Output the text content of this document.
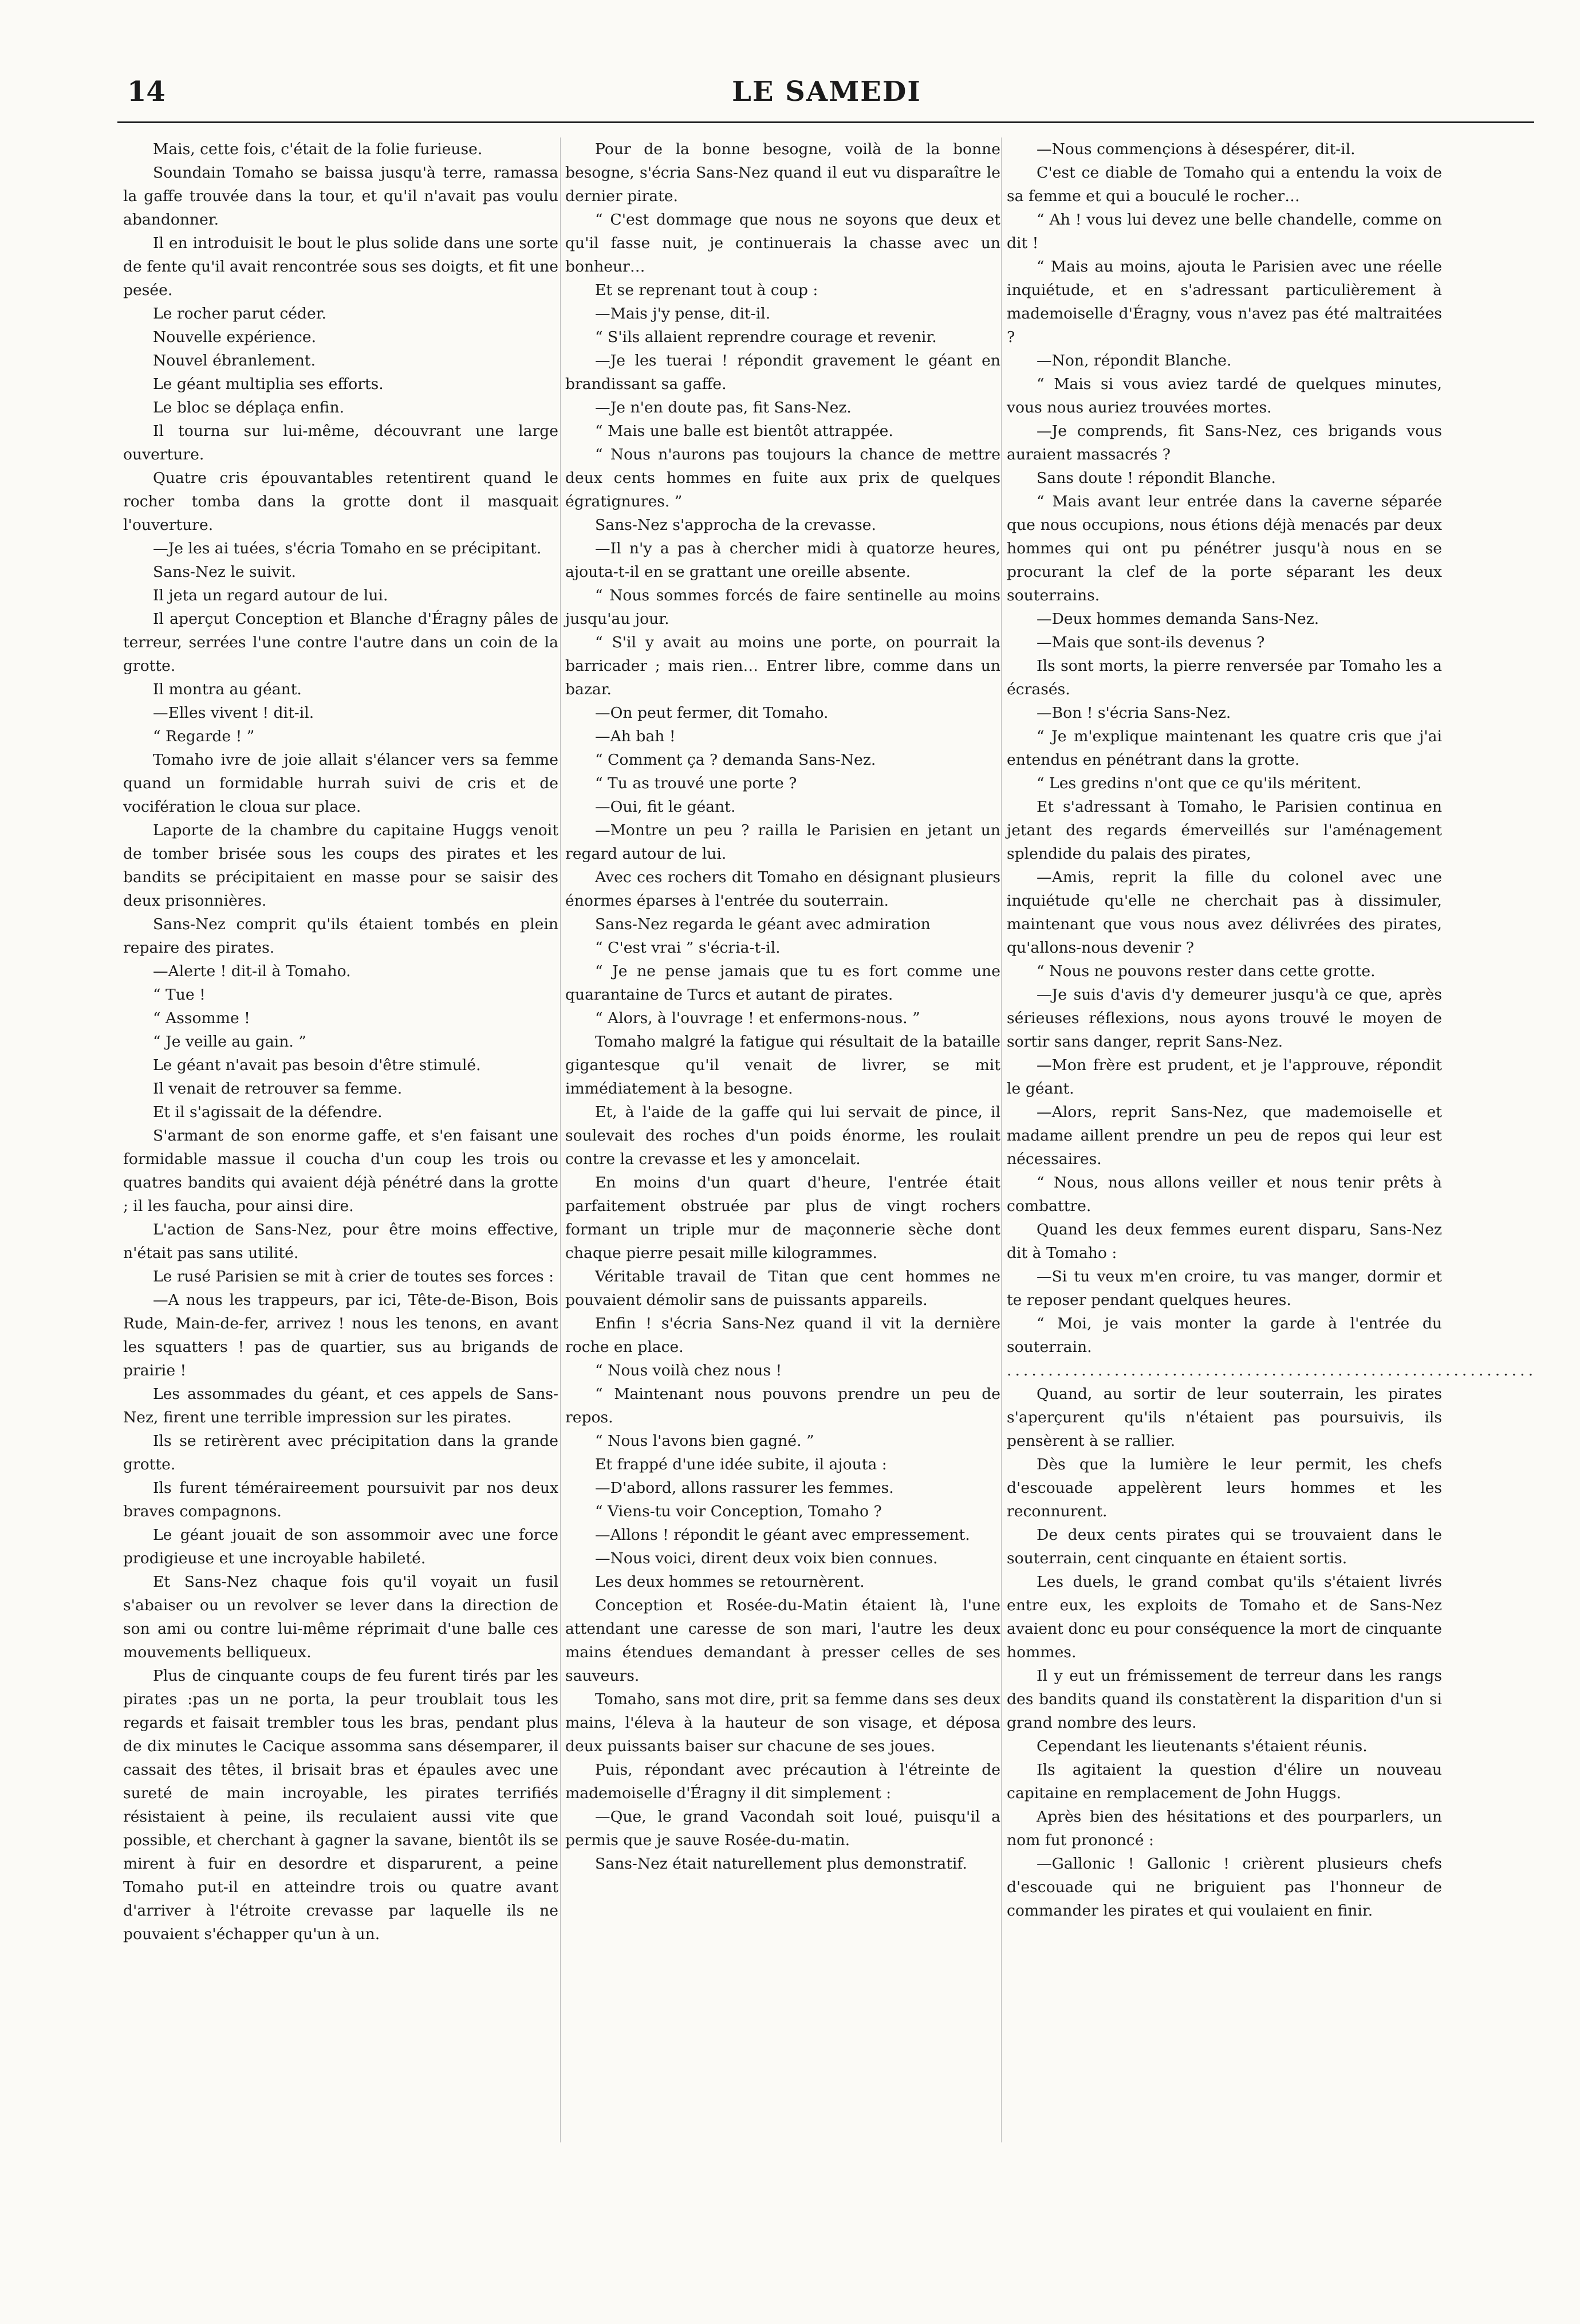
14	LE SAMEDI

Mais, cette fois, c'était de la folie furieuse.

Soundain Tomaho se baissa jusqu'à terre, ramassa la gaffe trouvée dans la tour, et qu'il n'avait pas voulu abandonner.

Il en introduisit le bout le plus solide dans une sorte de fente qu'il avait rencontrée sous ses doigts, et fit une pesée.

Le rocher parut céder.

Nouvelle expérience.

Nouvel ébranlement.

Le géant multiplia ses efforts.

Le bloc se déplaça enfin.

Il tourna sur lui-même, découvrant une large ouverture.

Quatre cris épouvantables retentirent quand le rocher tomba dans la grotte dont il masquait l'ouverture.

—Je les ai tuées, s'écria Tomaho en se précipitant.

Sans-Nez le suivit.

Il jeta un regard autour de lui.

Il aperçut Conception et Blanche d'Éragny pâles de terreur, serrées l'une contre l'autre dans un coin de la grotte.

Il montra au géant.

—Elles vivent ! dit-il.

“ Regarde ! ”

Tomaho ivre de joie allait s'élancer vers sa femme quand un formidable hurrah suivi de cris et de vocifération le cloua sur place.

Laporte de la chambre du capitaine Huggs venoit de tomber brisée sous les coups des pirates et les bandits se précipitaient en masse pour se saisir des deux prisonnières.

Sans-Nez comprit qu'ils étaient tombés en plein repaire des pirates.

—Alerte ! dit-il à Tomaho.

“ Tue !

“ Assomme !

“ Je veille au gain. ”

Le géant n'avait pas besoin d'être stimulé.

Il venait de retrouver sa femme.

Et il s'agissait de la défendre.

S'armant de son enorme gaffe, et s'en faisant une formidable massue il coucha d'un coup les trois ou quatres bandits qui avaient déjà pénétré dans la grotte ; il les faucha, pour ainsi dire.

L'action de Sans-Nez, pour être moins effective, n'était pas sans utilité.

Le rusé Parisien se mit à crier de toutes ses forces :

—A nous les trappeurs, par ici, Tête-de-Bison, Bois Rude, Main-de-fer, arrivez ! nous les tenons, en avant les squatters ! pas de quartier, sus au brigands de prairie !

Les assommades du géant, et ces appels de Sans-Nez, firent une terrible impression sur les pirates.

Ils se retirèrent avec précipitation dans la grande grotte.

Ils furent téméraireement poursuivit par nos deux braves compagnons.

Le géant jouait de son assommoir avec une force prodigieuse et une incroyable habileté.

Et Sans-Nez chaque fois qu'il voyait un fusil s'abaiser ou un revolver se lever dans la direction de son ami ou contre lui-même réprimait d'une balle ces mouvements belliqueux.

Plus de cinquante coups de feu furent tirés par les pirates :pas un ne porta, la peur troublait tous les regards et faisait trembler tous les bras, pendant plus de dix minutes le Cacique assomma sans désemparer, il cassait des têtes, il brisait bras et épaules avec une sureté de main incroyable, les pirates terrifiés résistaient à peine, ils reculaient aussi vite que possible, et cherchant à gagner la savane, bientôt ils se mirent à fuir en desordre et disparurent, a peine Tomaho put-il en atteindre trois ou quatre avant d'arriver à l'étroite crevasse par laquelle ils ne pouvaient s'échapper qu'un à un.

Pour de la bonne besogne, voilà de la bonne besogne, s'écria Sans-Nez quand il eut vu disparaître le dernier pirate.

“ C'est dommage que nous ne soyons que deux et qu'il fasse nuit, je continuerais la chasse avec un bonheur…

Et se reprenant tout à coup :

—Mais j'y pense, dit-il.

“ S'ils allaient reprendre courage et revenir.

—Je les tuerai ! répondit gravement le géant en brandissant sa gaffe.

—Je n'en doute pas, fit Sans-Nez.

“ Mais une balle est bientôt attrappée.

“ Nous n'aurons pas toujours la chance de mettre deux cents hommes en fuite aux prix de quelques égratignures. ”

Sans-Nez s'approcha de la crevasse.

—Il n'y a pas à chercher midi à quatorze heures, ajouta-t-il en se grattant une oreille absente.

“ Nous sommes forcés de faire sentinelle au moins jusqu'au jour.

“ S'il y avait au moins une porte, on pourrait la barricader ; mais rien… Entrer libre, comme dans un bazar.

—On peut fermer, dit Tomaho.

—Ah bah !

“ Comment ça ? demanda Sans-Nez.

“ Tu as trouvé une porte ?

—Oui, fit le géant.

—Montre un peu ? railla le Parisien en jetant un regard autour de lui.

Avec ces rochers dit Tomaho en désignant plusieurs énormes éparses à l'entrée du souterrain.

Sans-Nez regarda le géant avec admiration

“ C'est vrai ” s'écria-t-il.

“ Je ne pense jamais que tu es fort comme une quarantaine de Turcs et autant de pirates.

“ Alors, à l'ouvrage ! et enfermons-nous. ”

Tomaho malgré la fatigue qui résultait de la bataille gigantesque qu'il venait de livrer, se mit immédiatement à la besogne.

Et, à l'aide de la gaffe qui lui servait de pince, il soulevait des roches d'un poids énorme, les roulait contre la crevasse et les y amoncelait.

En moins d'un quart d'heure, l'entrée était parfaitement obstruée par plus de vingt rochers formant un triple mur de maçonnerie sèche dont chaque pierre pesait mille kilogrammes.

Véritable travail de Titan que cent hommes ne pouvaient démolir sans de puissants appareils.

Enfin ! s'écria Sans-Nez quand il vit la dernière roche en place.

“ Nous voilà chez nous !

“ Maintenant nous pouvons prendre un peu de repos.

“ Nous l'avons bien gagné. ”

Et frappé d'une idée subite, il ajouta :

—D'abord, allons rassurer les femmes.

“ Viens-tu voir Conception, Tomaho ?

—Allons ! répondit le géant avec empressement.

—Nous voici, dirent deux voix bien connues.

Les deux hommes se retournèrent.

Conception et Rosée-du-Matin étaient là, l'une attendant une caresse de son mari, l'autre les deux mains étendues demandant à presser celles de ses sauveurs.

Tomaho, sans mot dire, prit sa femme dans ses deux mains, l'éleva à la hauteur de son visage, et déposa deux puissants baiser sur chacune de ses joues.

Puis, répondant avec précaution à l'étreinte de mademoiselle d'Éragny il dit simplement :

—Que, le grand Vacondah soit loué, puisqu'il a permis que je sauve Rosée-du-matin.

Sans-Nez était naturellement plus demonstratif.

—Nous commençions à désespérer, dit-il.

C'est ce diable de Tomaho qui a entendu la voix de sa femme et qui a bouculé le rocher…

“ Ah ! vous lui devez une belle chandelle, comme on dit !

“ Mais au moins, ajouta le Parisien avec une réelle inquiétude, et en s'adressant particulièrement à mademoiselle d'Éragny, vous n'avez pas été maltraitées ?

—Non, répondit Blanche.

“ Mais si vous aviez tardé de quelques minutes, vous nous auriez trouvées mortes.

—Je comprends, fit Sans-Nez, ces brigands vous auraient massacrés ?

Sans doute ! répondit Blanche.

“ Mais avant leur entrée dans la caverne séparée que nous occupions, nous étions déjà menacés par deux hommes qui ont pu pénétrer jusqu'à nous en se procurant la clef de la porte séparant les deux souterrains.

—Deux hommes demanda Sans-Nez.

—Mais que sont-ils devenus ?

Ils sont morts, la pierre renversée par Tomaho les a écrasés.

—Bon ! s'écria Sans-Nez.

“ Je m'explique maintenant les quatre cris que j'ai entendus en pénétrant dans la grotte.

“ Les gredins n'ont que ce qu'ils méritent.

Et s'adressant à Tomaho, le Parisien continua en jetant des regards émerveillés sur l'aménagement splendide du palais des pirates,

—Amis, reprit la fille du colonel avec une inquiétude qu'elle ne cherchait pas à dissimuler, maintenant que vous nous avez délivrées des pirates, qu'allons-nous devenir ?

“ Nous ne pouvons rester dans cette grotte.

—Je suis d'avis d'y demeurer jusqu'à ce que, après sérieuses réflexions, nous ayons trouvé le moyen de sortir sans danger, reprit Sans-Nez.

—Mon frère est prudent, et je l'approuve, répondit le géant.

—Alors, reprit Sans-Nez, que mademoiselle et madame aillent prendre un peu de repos qui leur est nécessaires.

“ Nous, nous allons veiller et nous tenir prêts à combattre.

Quand les deux femmes eurent disparu, Sans-Nez dit à Tomaho :

—Si tu veux m'en croire, tu vas manger, dormir et te reposer pendant quelques heures.

“ Moi, je vais monter la garde à l'entrée du souterrain.

................................................................

Quand, au sortir de leur souterrain, les pirates s'aperçurent qu'ils n'étaient pas poursuivis, ils pensèrent à se rallier.

Dès que la lumière le leur permit, les chefs d'escouade appelèrent leurs hommes et les reconnurent.

De deux cents pirates qui se trouvaient dans le souterrain, cent cinquante en étaient sortis.

Les duels, le grand combat qu'ils s'étaient livrés entre eux, les exploits de Tomaho et de Sans-Nez avaient donc eu pour conséquence la mort de cinquante hommes.

Il y eut un frémissement de terreur dans les rangs des bandits quand ils constatèrent la disparition d'un si grand nombre des leurs.

Cependant les lieutenants s'étaient réunis.

Ils agitaient la question d'élire un nouveau capitaine en remplacement de John Huggs.

Après bien des hésitations et des pourparlers, un nom fut prononcé :

—Gallonic ! Gallonic ! crièrent plusieurs chefs d'escouade qui ne briguient pas l'honneur de commander les pirates et qui voulaient en finir.
